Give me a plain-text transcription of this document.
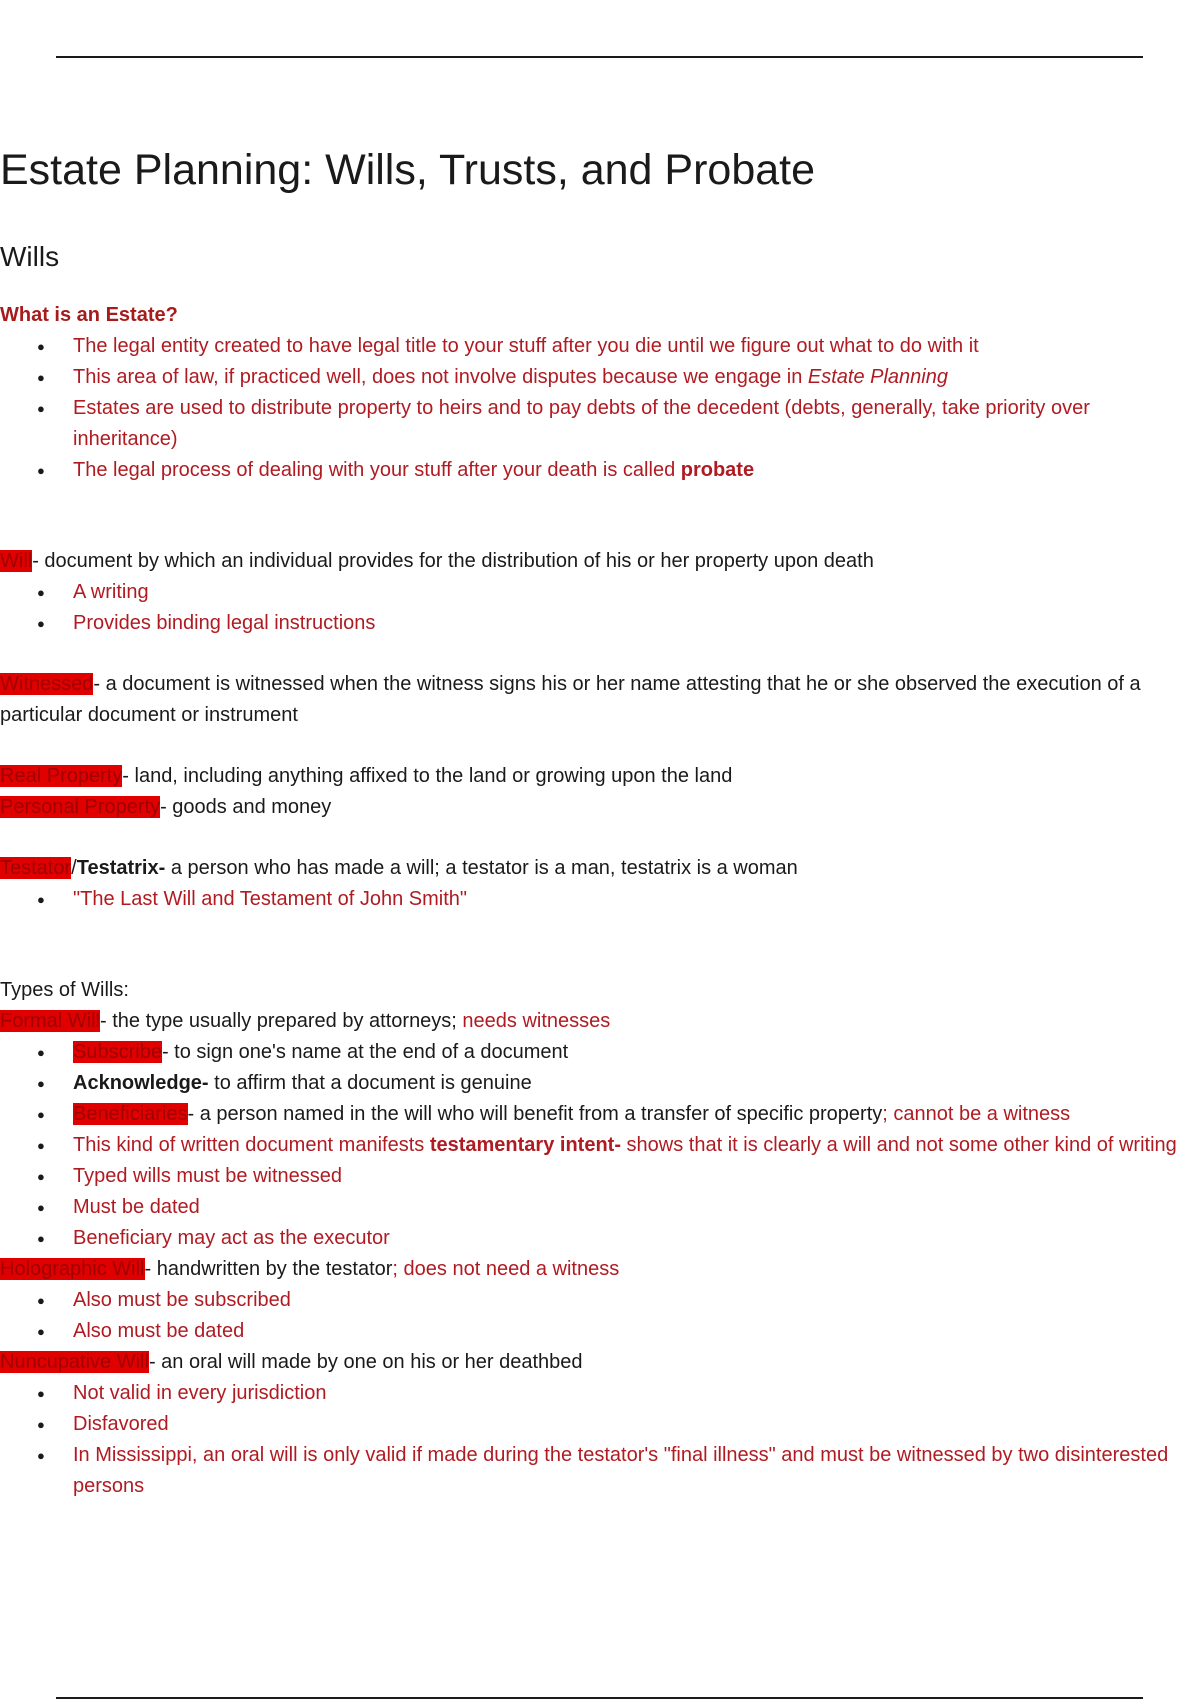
Estate Planning: Wills, Trusts, and Probate
Wills
What is an Estate?
● The legal entity created to have legal title to your stuff after you die until we figure out what to do with it
● This area of law, if practiced well, does not involve disputes because we engage in Estate Planning
● Estates are used to distribute property to heirs and to pay debts of the decedent (debts, generally, take priority over inheritance)
● The legal process of dealing with your stuff after your death is called probate
Will- document by which an individual provides for the distribution of his or her property upon death
● A writing
● Provides binding legal instructions
Witnessed- a document is witnessed when the witness signs his or her name attesting that he or she observed the execution of a particular document or instrument
Real Property- land, including anything affixed to the land or growing upon the land
Personal Property- goods and money
Testator/Testatrix- a person who has made a will; a testator is a man, testatrix is a woman
● "The Last Will and Testament of John Smith"
Types of Wills:
Formal Will- the type usually prepared by attorneys; needs witnesses
● Subscribe- to sign one's name at the end of a document
● Acknowledge- to affirm that a document is genuine
● Beneficiaries- a person named in the will who will benefit from a transfer of specific property; cannot be a witness
● This kind of written document manifests testamentary intent- shows that it is clearly a will and not some other kind of writing
● Typed wills must be witnessed
● Must be dated
● Beneficiary may act as the executor
Holographic Will- handwritten by the testator; does not need a witness
● Also must be subscribed
● Also must be dated
Nuncupative Will- an oral will made by one on his or her deathbed
● Not valid in every jurisdiction
● Disfavored
● In Mississippi, an oral will is only valid if made during the testator's "final illness" and must be witnessed by two disinterested persons
